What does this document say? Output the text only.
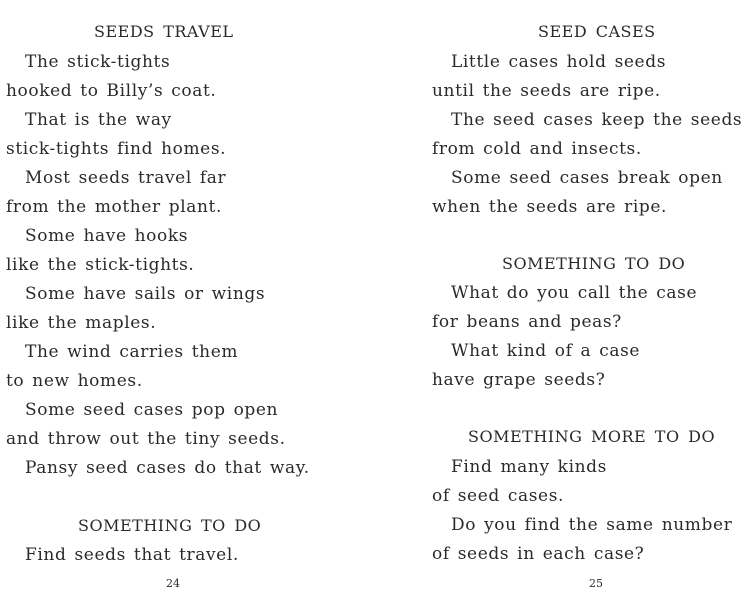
SEEDS TRAVEL
The stick-tights
hooked to Billy’s coat.
That is the way
stick-tights find homes.
Most seeds travel far
from the mother plant.
Some have hooks
like the stick-tights.
Some have sails or wings
like the maples.
The wind carries them
to new homes.
Some seed cases pop open
and throw out the tiny seeds.
Pansy seed cases do that way.
SOMETHING TO DO
Find seeds that travel.
24
SEED CASES
Little cases hold seeds
until the seeds are ripe.
The seed cases keep the seeds
from cold and insects.
Some seed cases break open
when the seeds are ripe.
SOMETHING TO DO
What do you call the case
for beans and peas?
What kind of a case
have grape seeds?
SOMETHING MORE TO DO
Find many kinds
of seed cases.
Do you find the same number
of seeds in each case?
25
